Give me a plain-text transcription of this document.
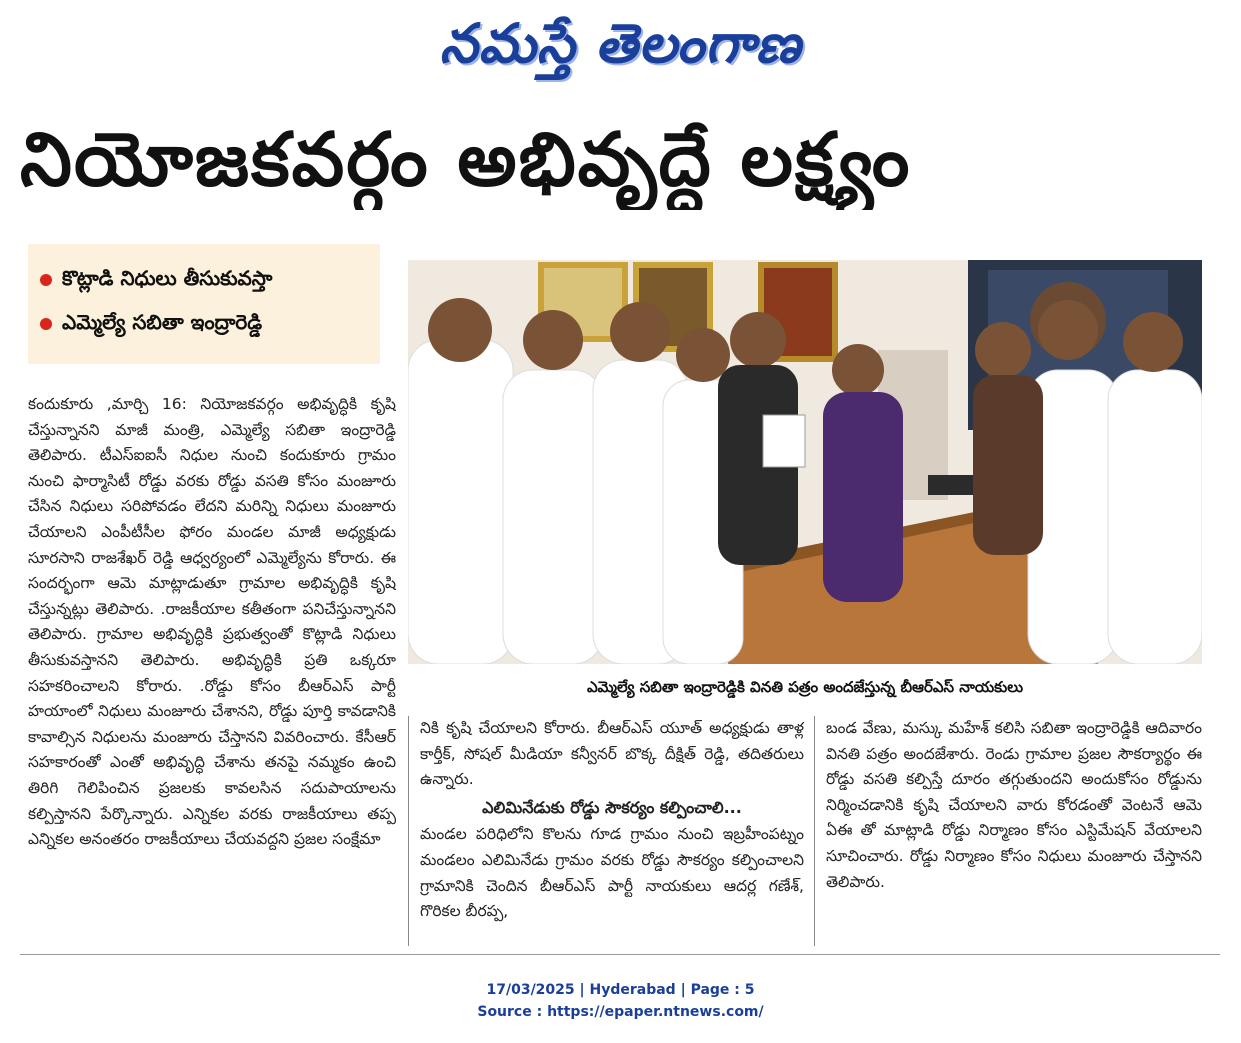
నమస్తే తెలంగాణ
నియోజకవర్గం అభివృద్ధే లక్ష్యం
కొట్లాడి నిధులు తీసుకువస్తా
ఎమ్మెల్యే సబితా ఇంద్రారెడ్డి
ఎమ్మెల్యే సబితా ఇంద్రారెడ్డికి వినతి పత్రం అందజేస్తున్న బీఆర్ఎస్ నాయకులు
కందుకూరు ,మార్చి 16: నియోజకవర్గం అభివృద్ధికి కృషి చేస్తున్నానని మాజీ మంత్రి, ఎమ్మెల్యే సబితా ఇంద్రారెడ్డి తెలిపారు. టీఎస్ఐఐసీ నిధుల నుంచి కందుకూరు గ్రామం నుంచి ఫార్మాసిటీ రోడ్డు వరకు రోడ్డు వసతి కోసం మంజూరు చేసిన నిధులు సరిపోవడం లేదని మరిన్ని నిధులు మంజూరు చేయాలని ఎంపీటీసీల ఫోరం మండల మాజీ అధ్యక్షుడు సూరసాని రాజశేఖర్ రెడ్డి ఆధ్వర్యంలో ఎమ్మెల్యేను కోరారు. ఈ సందర్భంగా ఆమె మాట్లాడుతూ గ్రామాల అభివృద్ధికి కృషి చేస్తున్నట్లు తెలిపారు. .రాజకీయాల కతీతంగా పనిచేస్తున్నానని తెలిపారు. గ్రామాల అభివృద్ధికి ప్రభుత్వంతో కొట్లాడి నిధులు తీసుకువస్తానని తెలిపారు. అభివృద్ధికి ప్రతి ఒక్కరూ సహకరించాలని కోరారు. .రోడ్డు కోసం బీఆర్ఎస్ పార్టీ హయాంలో నిధులు మంజూరు చేశానని, రోడ్డు పూర్తి కావడానికి కావాల్సిన నిధులను మంజూరు చేస్తానని వివరించారు. కేసీఆర్ సహకారంతో ఎంతో అభివృద్ధి చేశాను తనపై నమ్మకం ఉంచి తిరిగి గెలిపించిన ప్రజలకు కావలసిన సదుపాయాలను కల్పిస్తానని పేర్కొన్నారు. ఎన్నికల వరకు రాజకీయాలు తప్ప ఎన్నికల అనంతరం రాజకీయాలు చేయవద్దని ప్రజల సంక్షేమా
నికి కృషి చేయాలని కోరారు. బీఆర్ఎస్ యూత్ అధ్యక్షుడు తాళ్ల కార్తీక్, సోషల్ మీడియా కన్వీనర్ బొక్క దీక్షిత్ రెడ్డి, తదితరులు ఉన్నారు.
ఎలిమినేడుకు రోడ్డు సౌకర్యం కల్పించాలి...
మండల పరిధిలోని కొలను గూడ గ్రామం నుంచి ఇబ్రహీంపట్నం మండలం ఎలిమినేడు గ్రామం వరకు రోడ్డు సౌకర్యం కల్పించాలని గ్రామానికి చెందిన బీఆర్ఎస్ పార్టీ నాయకులు ఆదర్ల గణేశ్, గొరికల బీరప్ప,
బండ వేణు, మస్కు మహేశ్ కలిసి సబితా ఇంద్రారెడ్డికి ఆదివారం వినతి పత్రం అందజేశారు. రెండు గ్రామాల ప్రజల సౌకర్యార్థం ఈ రోడ్డు వసతి కల్పిస్తే దూరం తగ్గుతుందని అందుకోసం రోడ్డును నిర్మించడానికి కృషి చేయాలని వారు కోరడంతో వెంటనే ఆమె ఏఈ తో మాట్లాడి రోడ్డు నిర్మాణం కోసం ఎస్టిమేషన్ వేయాలని సూచించారు. రోడ్డు నిర్మాణం కోసం నిధులు మంజూరు చేస్తానని తెలిపారు.
17/03/2025 | Hyderabad | Page : 5
Source : https://epaper.ntnews.com/
